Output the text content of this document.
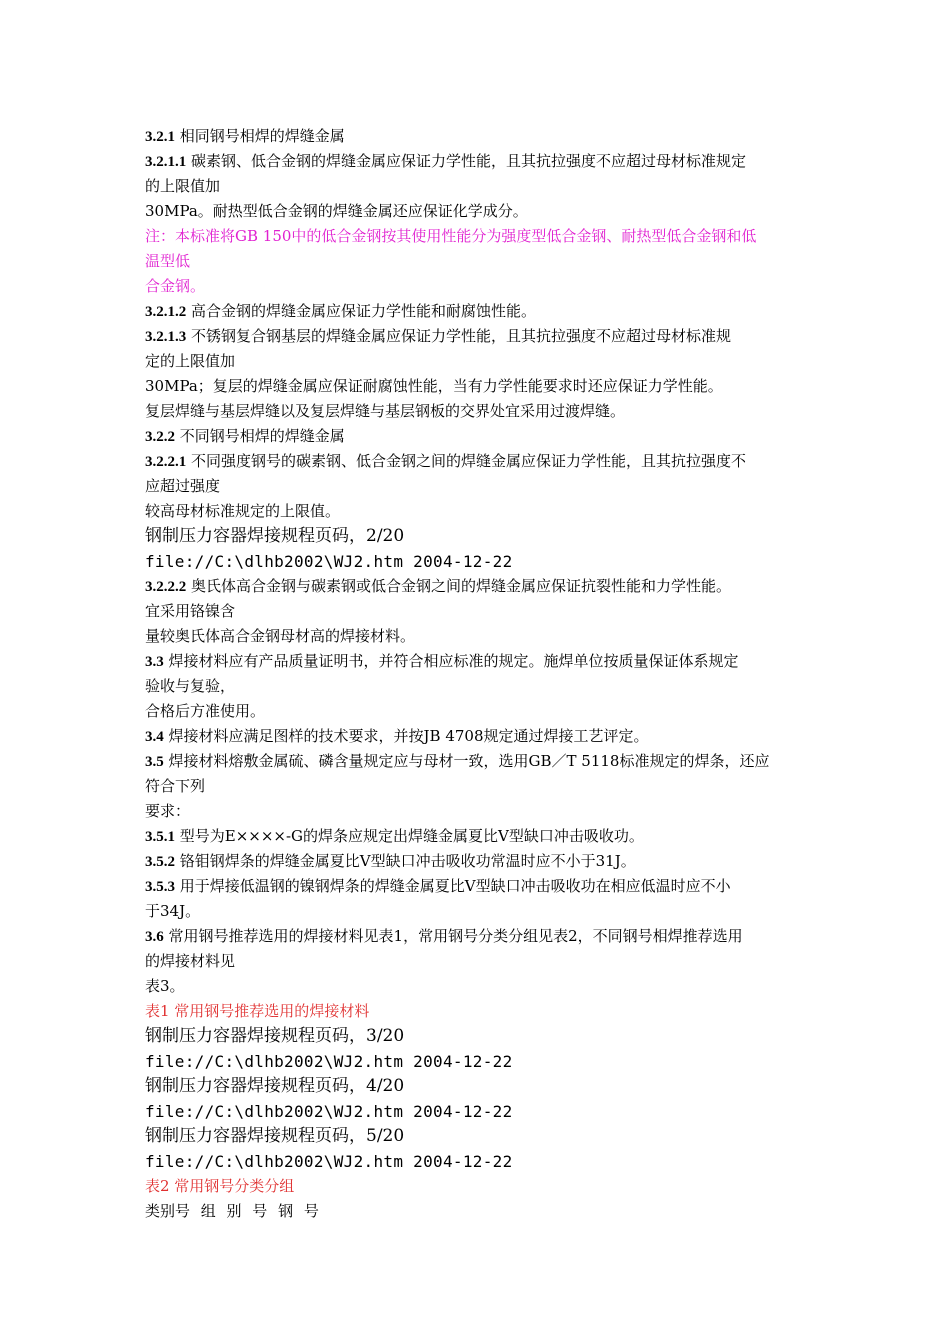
3.2.1 相同钢号相焊的焊缝金属

3.2.1.1 碳素钢、低合金钢的焊缝金属应保证力学性能，且其抗拉强度不应超过母材标准规定

的上限值加

30MPa。耐热型低合金钢的焊缝金属还应保证化学成分。

注：本标准将GB 150中的低合金钢按其使用性能分为强度型低合金钢、耐热型低合金钢和低

温型低

合金钢。

3.2.1.2 高合金钢的焊缝金属应保证力学性能和耐腐蚀性能。

3.2.1.3 不锈钢复合钢基层的焊缝金属应保证力学性能，且其抗拉强度不应超过母材标准规

定的上限值加

30MPa；复层的焊缝金属应保证耐腐蚀性能，当有力学性能要求时还应保证力学性能。

复层焊缝与基层焊缝以及复层焊缝与基层钢板的交界处宜采用过渡焊缝。

3.2.2 不同钢号相焊的焊缝金属

3.2.2.1 不同强度钢号的碳素钢、低合金钢之间的焊缝金属应保证力学性能，且其抗拉强度不

应超过强度

较高母材标准规定的上限值。

钢制压力容器焊接规程页码，2/20

file://C:\dlhb2002\WJ2.htm 2004-12-22

3.2.2.2 奥氏体高合金钢与碳素钢或低合金钢之间的焊缝金属应保证抗裂性能和力学性能。

宜采用铬镍含

量较奥氏体高合金钢母材高的焊接材料。

3.3 焊接材料应有产品质量证明书，并符合相应标准的规定。施焊单位按质量保证体系规定

验收与复验，

合格后方准使用。

3.4 焊接材料应满足图样的技术要求，并按JB 4708规定通过焊接工艺评定。

3.5 焊接材料熔敷金属硫、磷含量规定应与母材一致，选用GB／T 5118标准规定的焊条，还应

符合下列

要求：

3.5.1 型号为E××××-G的焊条应规定出焊缝金属夏比V型缺口冲击吸收功。

3.5.2 铬钼钢焊条的焊缝金属夏比V型缺口冲击吸收功常温时应不小于31J。

3.5.3 用于焊接低温钢的镍钢焊条的焊缝金属夏比V型缺口冲击吸收功在相应低温时应不小

于34J。

3.6 常用钢号推荐选用的焊接材料见表1，常用钢号分类分组见表2，不同钢号相焊推荐选用

的焊接材料见

表3。

表1 常用钢号推荐选用的焊接材料

钢制压力容器焊接规程页码，3/20

file://C:\dlhb2002\WJ2.htm 2004-12-22

钢制压力容器焊接规程页码，4/20

file://C:\dlhb2002\WJ2.htm 2004-12-22

钢制压力容器焊接规程页码，5/20

file://C:\dlhb2002\WJ2.htm 2004-12-22

表2 常用钢号分类分组

类别号 组 别 号 钢 号
